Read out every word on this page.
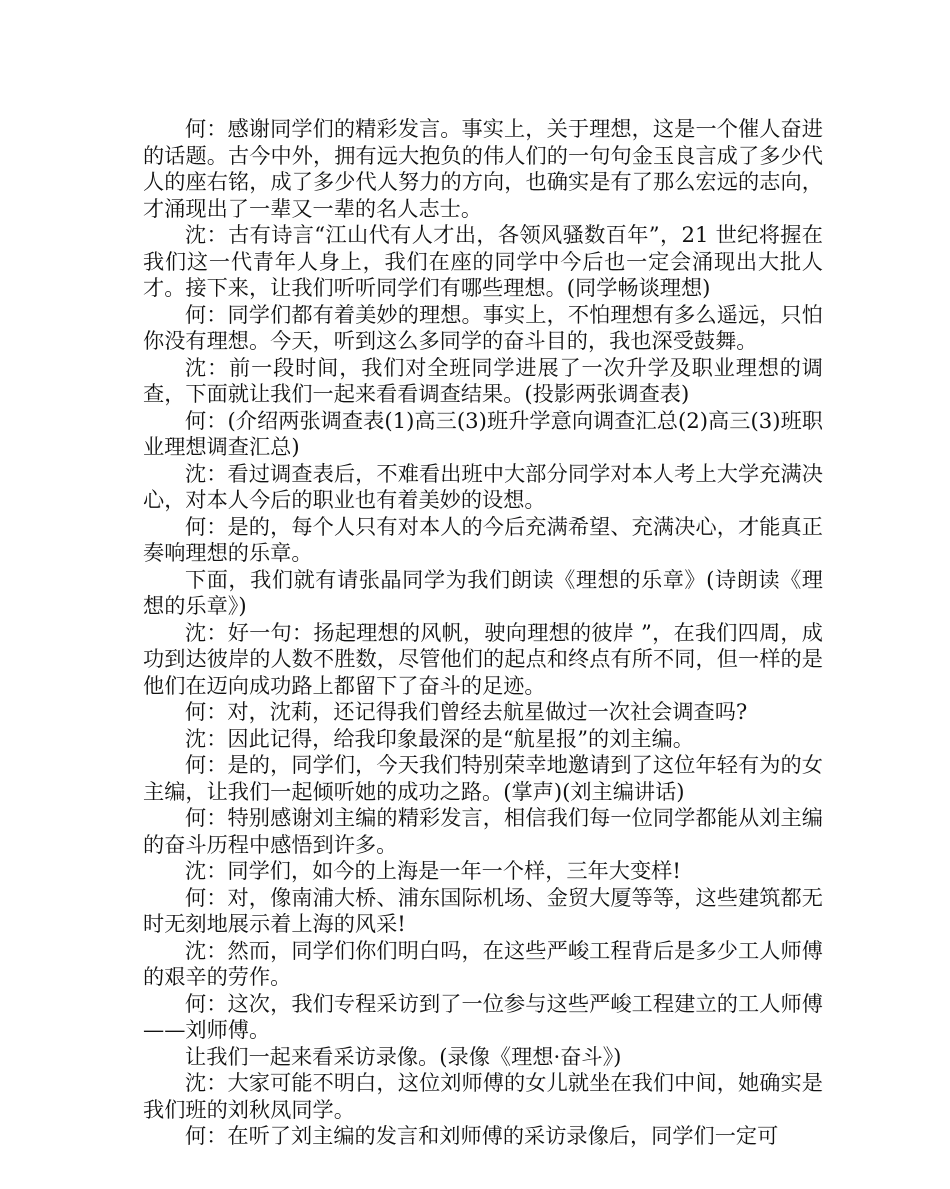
何：感谢同学们的精彩发言。事实上，关于理想，这是一个催人奋进的话题。古今中外，拥有远大抱负的伟人们的一句句金玉良言成了多少代人的座右铭，成了多少代人努力的方向，也确实是有了那么宏远的志向，才涌现出了一辈又一辈的名人志士。

沈：古有诗言“江山代有人才出，各领风骚数百年”，21 世纪将握在我们这一代青年人身上，我们在座的同学中今后也一定会涌现出大批人才。接下来，让我们听听同学们有哪些理想。(同学畅谈理想)

何：同学们都有着美妙的理想。事实上，不怕理想有多么遥远，只怕你没有理想。今天，听到这么多同学的奋斗目的，我也深受鼓舞。

沈：前一段时间，我们对全班同学进展了一次升学及职业理想的调查，下面就让我们一起来看看调查结果。(投影两张调查表)

何：(介绍两张调查表(1)高三(3)班升学意向调查汇总(2)高三(3)班职业理想调查汇总)

沈：看过调查表后，不难看出班中大部分同学对本人考上大学充满决心，对本人今后的职业也有着美妙的设想。

何：是的，每个人只有对本人的今后充满希望、充满决心，才能真正奏响理想的乐章。

下面，我们就有请张晶同学为我们朗读《理想的乐章》(诗朗读《理想的乐章》)

沈：好一句：扬起理想的风帆，驶向理想的彼岸 ”，在我们四周，成功到达彼岸的人数不胜数，尽管他们的起点和终点有所不同，但一样的是他们在迈向成功路上都留下了奋斗的足迹。

何：对，沈莉，还记得我们曾经去航星做过一次社会调查吗?

沈：因此记得，给我印象最深的是“航星报”的刘主编。

何：是的，同学们，今天我们特别荣幸地邀请到了这位年轻有为的女主编，让我们一起倾听她的成功之路。(掌声)(刘主编讲话)

何：特别感谢刘主编的精彩发言，相信我们每一位同学都能从刘主编的奋斗历程中感悟到许多。

沈：同学们，如今的上海是一年一个样，三年大变样!

何：对，像南浦大桥、浦东国际机场、金贸大厦等等，这些建筑都无时无刻地展示着上海的风采!

沈：然而，同学们你们明白吗，在这些严峻工程背后是多少工人师傅的艰辛的劳作。

何：这次，我们专程采访到了一位参与这些严峻工程建立的工人师傅——刘师傅。

让我们一起来看采访录像。(录像《理想·奋斗》)

沈：大家可能不明白，这位刘师傅的女儿就坐在我们中间，她确实是我们班的刘秋凤同学。

何：在听了刘主编的发言和刘师傅的采访录像后，同学们一定可
